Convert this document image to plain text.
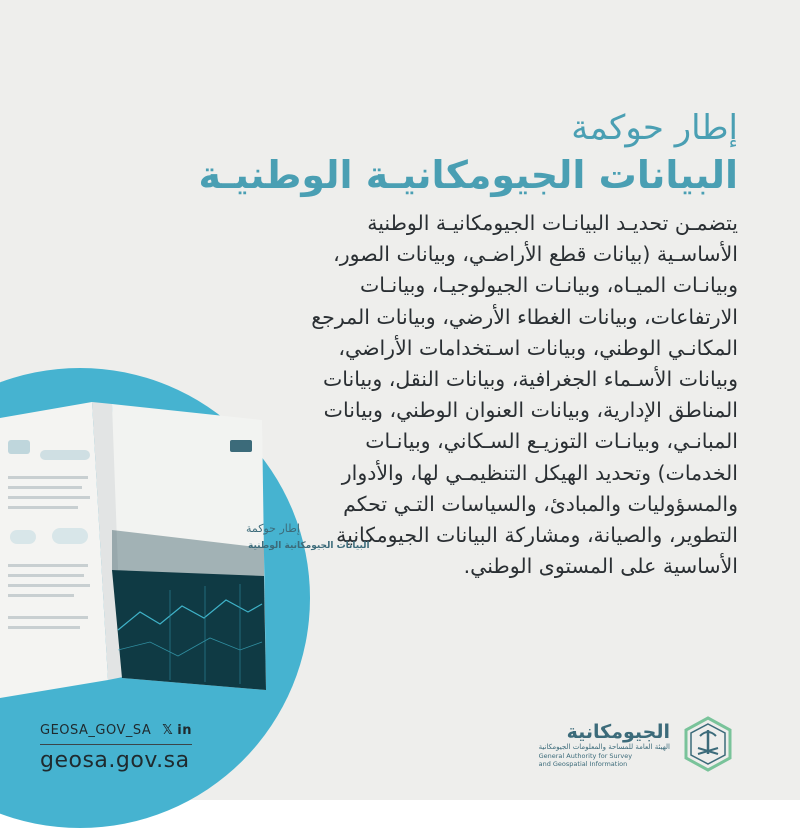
إطار حوكمة
البيانات الجيومكانيـة الوطنيـة
يتضمـن تحديـد البيانـات الجيومكانيـة الوطنية
الأساسـية (بيانات قطع الأراضـي، وبيانات الصور،
وبيانـات الميـاه، وبيانـات الجيولوجيـا، وبيانـات
الارتفاعات، وبيانات الغطاء الأرضي، وبيانات المرجع
المكانـي الوطني، وبيانات اسـتخدامات الأراضي،
وبيانات الأسـماء الجغرافية، وبيانات النقل، وبيانات
المناطق الإدارية، وبيانات العنوان الوطني، وبيانات
المبانـي، وبيانـات التوزيـع السـكاني، وبيانـات
الخدمات) وتحديد الهيكل التنظيمـي لها، والأدوار
والمسؤوليات والمبادئ، والسياسات التـي تحكم
التطوير، والصيانة، ومشاركة البيانات الجيومكانية
الأساسية على المستوى الوطني.
إطار حوكمة
البيانات الجيومكانية الوطنية
GEOSA_GOV_SA 𝕏 in
geosa.gov.sa
الجيومكانية
الهيئة العامة للمساحة والمعلومات الجيومكانية
General Authority for Survey
and Geospatial Information
